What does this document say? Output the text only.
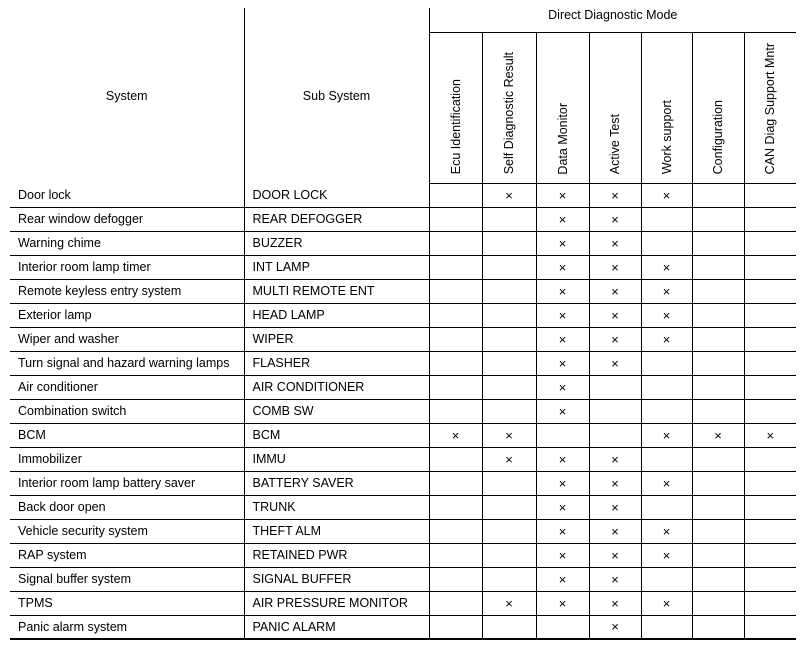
System	Sub System	Direct Diagnostic Mode						

		Ecu Identification	Self Diagnostic Result	Data Monitor	Active Test	Work support	Configuration	CAN Diag Support Mntr

Door lock	DOOR LOCK		×	×	×	×		
Rear window defogger	REAR DEFOGGER			×	×			
Warning chime	BUZZER			×	×			
Interior room lamp timer	INT LAMP			×	×	×		
Remote keyless entry system	MULTI REMOTE ENT			×	×	×		
Exterior lamp	HEAD LAMP			×	×	×		
Wiper and washer	WIPER			×	×	×		
Turn signal and hazard warning lamps	FLASHER			×	×			
Air conditioner	AIR CONDITIONER			×				
Combination switch	COMB SW			×				
BCM	BCM	×	×			×	×	×
Immobilizer	IMMU		×	×	×			
Interior room lamp battery saver	BATTERY SAVER			×	×	×		
Back door open	TRUNK			×	×			
Vehicle security system	THEFT ALM			×	×	×		
RAP system	RETAINED PWR			×	×	×		
Signal buffer system	SIGNAL BUFFER			×	×			
TPMS	AIR PRESSURE MONITOR		×	×	×	×		
Panic alarm system	PANIC ALARM				×			
